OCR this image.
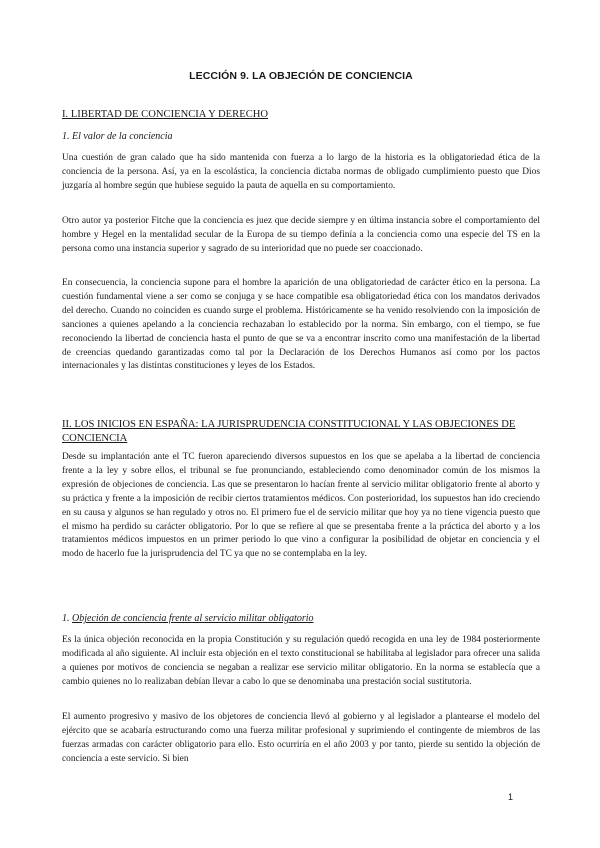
LECCIÓN 9. LA OBJECIÓN DE CONCIENCIA
I. LIBERTAD DE CONCIENCIA Y DERECHO
1. El valor de la conciencia

Una cuestión de gran calado que ha sido mantenida con fuerza a lo largo de la historia es la obligatoriedad ética de la conciencia de la persona. Así, ya en la escolástica, la conciencia dictaba normas de obligado cumplimiento puesto que Dios juzgaría al hombre según que hubiese seguido la pauta de aquella en su comportamiento.

Otro autor ya posterior Fitche que la conciencia es juez que decide siempre y en última instancia sobre el comportamiento del hombre y Hegel en la mentalidad secular de la Europa de su tiempo definía a la conciencia como una especie del TS en la persona como una instancia superior y sagrado de su interioridad que no puede ser coaccionado.

En consecuencia, la conciencia supone para el hombre la aparición de una obligatoriedad de carácter ético en la persona. La cuestión fundamental viene a ser como se conjuga y se hace compatible esa obligatoriedad ética con los mandatos derivados del derecho. Cuando no coinciden es cuando surge el problema. Históricamente se ha venido resolviendo con la imposición de sanciones a quienes apelando a la conciencia rechazaban lo establecido por la norma. Sin embargo, con el tiempo, se fue reconociendo la libertad de conciencia hasta el punto de que se va a encontrar inscrito como una manifestación de la libertad de creencias quedando garantizadas como tal por la Declaración de los Derechos Humanos así como por los pactos internacionales y las distintas constituciones y leyes de los Estados.

II. LOS INICIOS EN ESPAÑA: LA JURISPRUDENCIA CONSTITUCIONAL Y LAS OBJECIONES DE CONCIENCIA

Desde su implantación ante el TC fueron apareciendo diversos supuestos en los que se apelaba a la libertad de conciencia frente a la ley y sobre ellos, el tribunal se fue pronunciando, estableciendo como denominador común de los mismos la expresión de objeciones de conciencia. Las que se presentaron lo hacían frente al servicio militar obligatorio frente al aborto y su práctica y frente a la imposición de recibir ciertos tratamientos médicos. Con posterioridad, los supuestos han ido creciendo en su causa y algunos se han regulado y otros no. El primero fue el de servicio militar que hoy ya no tiene vigencia puesto que el mismo ha perdido su carácter obligatorio. Por lo que se refiere al que se presentaba frente a la práctica del aborto y a los tratamientos médicos impuestos en un primer periodo lo que vino a configurar la posibilidad de objetar en conciencia y el modo de hacerlo fue la jurisprudencia del TC ya que no se contemplaba en la ley.

1. Objeción de conciencia frente al servicio militar obligatorio

Es la única objeción reconocida en la propia Constitución y su regulación quedó recogida en una ley de 1984 posteriormente modificada al año siguiente. Al incluir esta objeción en el texto constitucional se habilitaba al legislador para ofrecer una salida a quienes por motivos de conciencia se negaban a realizar ese servicio militar obligatorio. En la norma se establecía que a cambio quienes no lo realizaban debían llevar a cabo lo que se denominaba una prestación social sustitutoria.

El aumento progresivo y masivo de los objetores de conciencia llevó al gobierno y al legislador a plantearse el modelo del ejército que se acabaría estructurando como una fuerza militar profesional y suprimiendo el contingente de miembros de las fuerzas armadas con carácter obligatorio para ello. Esto ocurriría en el año 2003 y por tanto, pierde su sentido la objeción de conciencia a este servicio. Si bien

1
